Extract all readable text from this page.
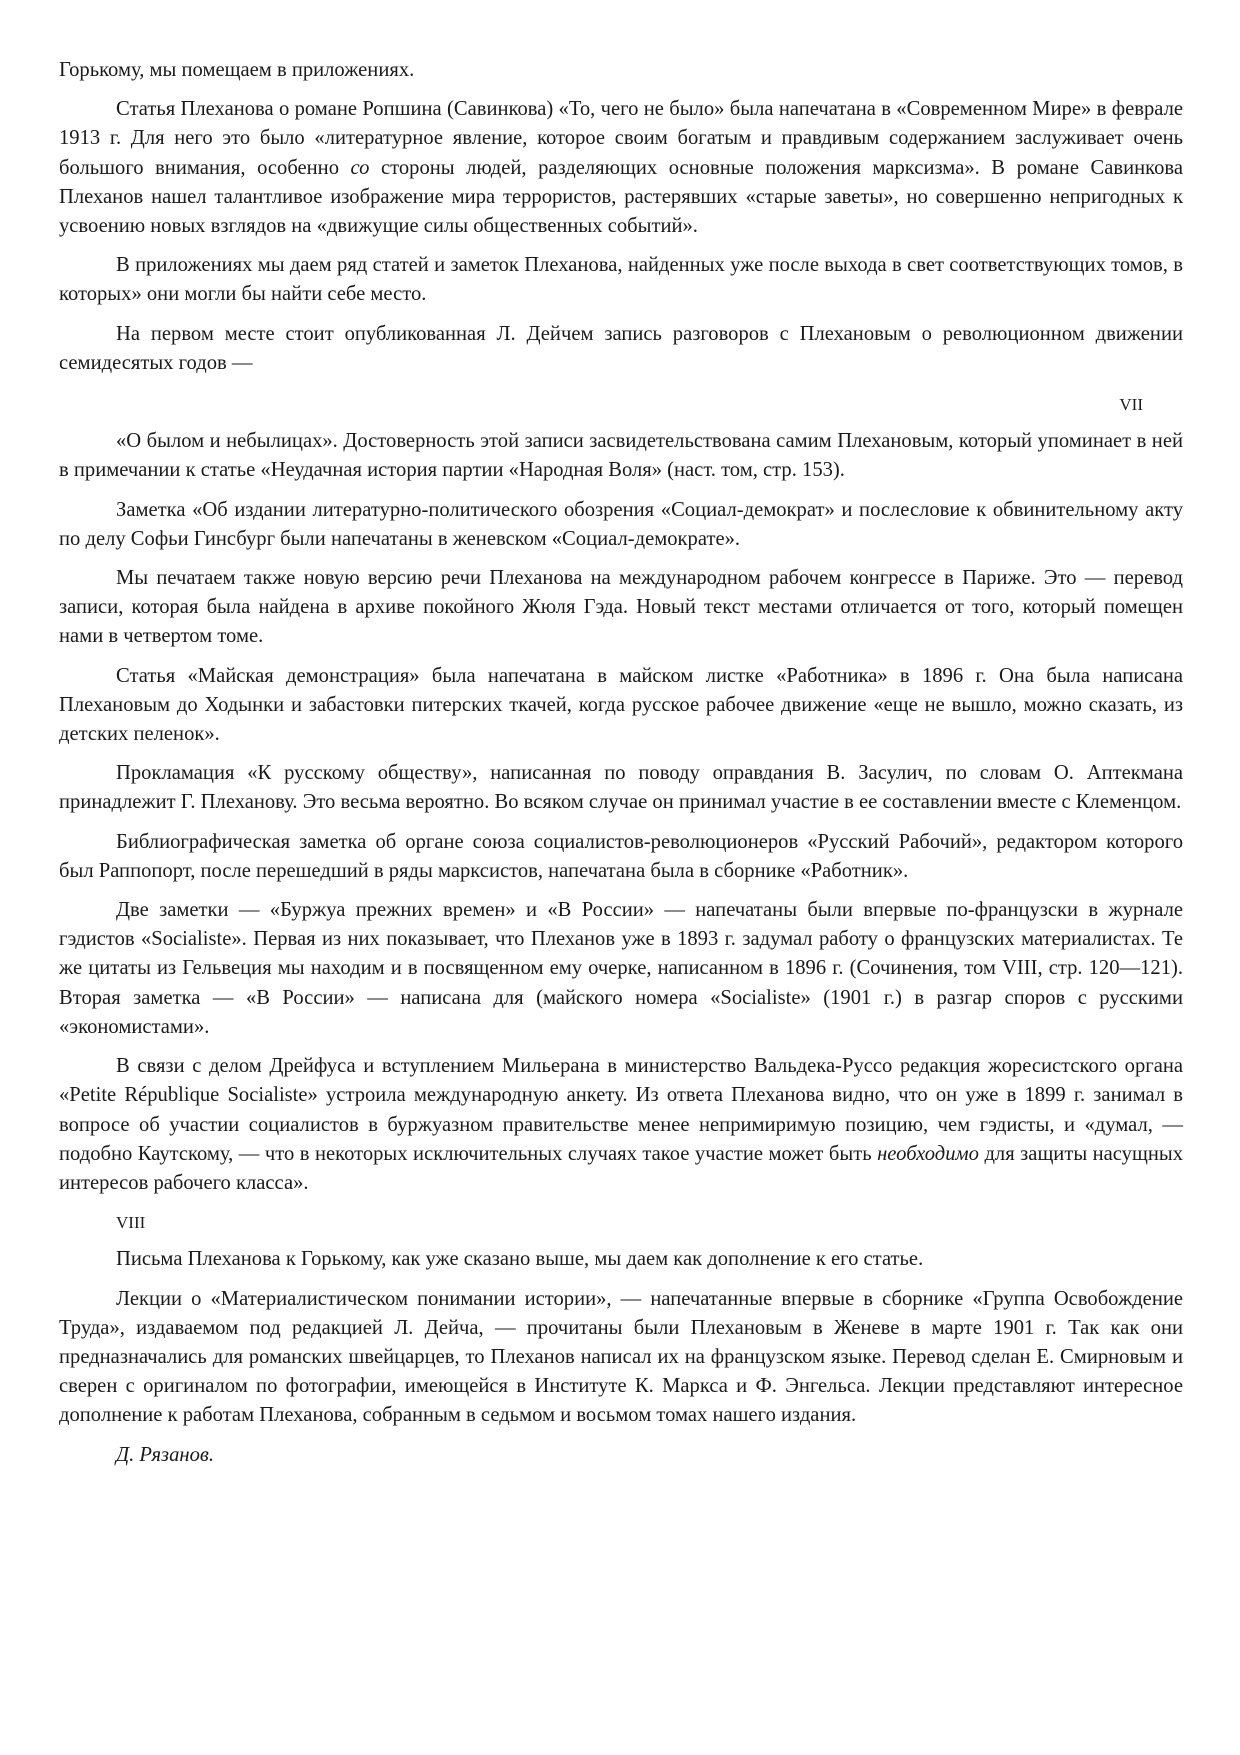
Горькому, мы помещаем в приложениях.

Статья Плеханова о романе Ропшина (Савинкова) «То, чего не было» была напечатана в «Современном Мире» в феврале 1913 г. Для него это было «литературное явление, которое своим богатым и правдивым содержанием заслуживает очень большого внимания, особенно со стороны людей, разделяющих основные положения марксизма». В романе Савинкова Плеханов нашел талантливое изображение мира террористов, растерявших «старые заветы», но совершенно непригодных к усвоению новых взглядов на «движущие силы общественных событий».

В приложениях мы даем ряд статей и заметок Плеханова, найденных уже после выхода в свет соответствующих томов, в которых» они могли бы найти себе место.

На первом месте стоит опубликованная Л. Дейчем запись разговоров с Плехановым о революционном движении семидесятых годов —

VII

«О былом и небылицах». Достоверность этой записи засвидетельствована самим Плехановым, который упоминает в ней в примечании к статье «Неудачная история партии «Народная Воля» (наст. том, стр. 153).

Заметка «Об издании литературно-политического обозрения «Социал-демократ» и послесловие к обвинительному акту по делу Софьи Гинсбург были напечатаны в женевском «Социал-демократе».

Мы печатаем также новую версию речи Плеханова на международном рабочем конгрессе в Париже. Это — перевод записи, которая была найдена в архиве покойного Жюля Гэда. Новый текст местами отличается от того, который помещен нами в четвертом томе.

Статья «Майская демонстрация» была напечатана в майском листке «Работника» в 1896 г. Она была написана Плехановым до Ходынки и забастовки питерских ткачей, когда русское рабочее движение «еще не вышло, можно сказать, из детских пеленок».

Прокламация «К русскому обществу», написанная по поводу оправдания В. Засулич, по словам О. Аптекмана принадлежит Г. Плеханову. Это весьма вероятно. Во всяком случае он принимал участие в ее составлении вместе с Клеменцом.

Библиографическая заметка об органе союза социалистов-революционеров «Русский Рабочий», редактором которого был Раппопорт, после перешедший в ряды марксистов, напечатана была в сборнике «Работник».

Две заметки — «Буржуа прежних времен» и «В России» — напечатаны были впервые по-французски в журнале гэдистов «Socialiste». Первая из них показывает, что Плеханов уже в 1893 г. задумал работу о французских материалистах. Те же цитаты из Гельвеция мы находим и в посвященном ему очерке, написанном в 1896 г. (Сочинения, том VIII, стр. 120—121). Вторая заметка — «В России» — написана для (майского номера «Socialiste» (1901 г.) в разгар споров с русскими «экономистами».

В связи с делом Дрейфуса и вступлением Мильерана в министерство Вальдека-Руссо редакция жоресистского органа «Petite République Socialiste» устроила международную анкету. Из ответа Плеханова видно, что он уже в 1899 г. занимал в вопросе об участии социалистов в буржуазном правительстве менее непримиримую позицию, чем гэдисты, и «думал, — подобно Каутскому, — что в некоторых исключительных случаях такое участие может быть необходимо для защиты насущных интересов рабочего класса».

VIII

Письма Плеханова к Горькому, как уже сказано выше, мы даем как дополнение к его статье.

Лекции о «Материалистическом понимании истории», — напечатанные впервые в сборнике «Группа Освобождение Труда», издаваемом под редакцией Л. Дейча, — прочитаны были Плехановым в Женеве в марте 1901 г. Так как они предназначались для романских швейцарцев, то Плеханов написал их на французском языке. Перевод сделан Е. Смирновым и сверен с оригиналом по фотографии, имеющейся в Институте К. Маркса и Ф. Энгельса. Лекции представляют интересное дополнение к работам Плеханова, собранным в седьмом и восьмом томах нашего издания.

Д. Рязанов.
